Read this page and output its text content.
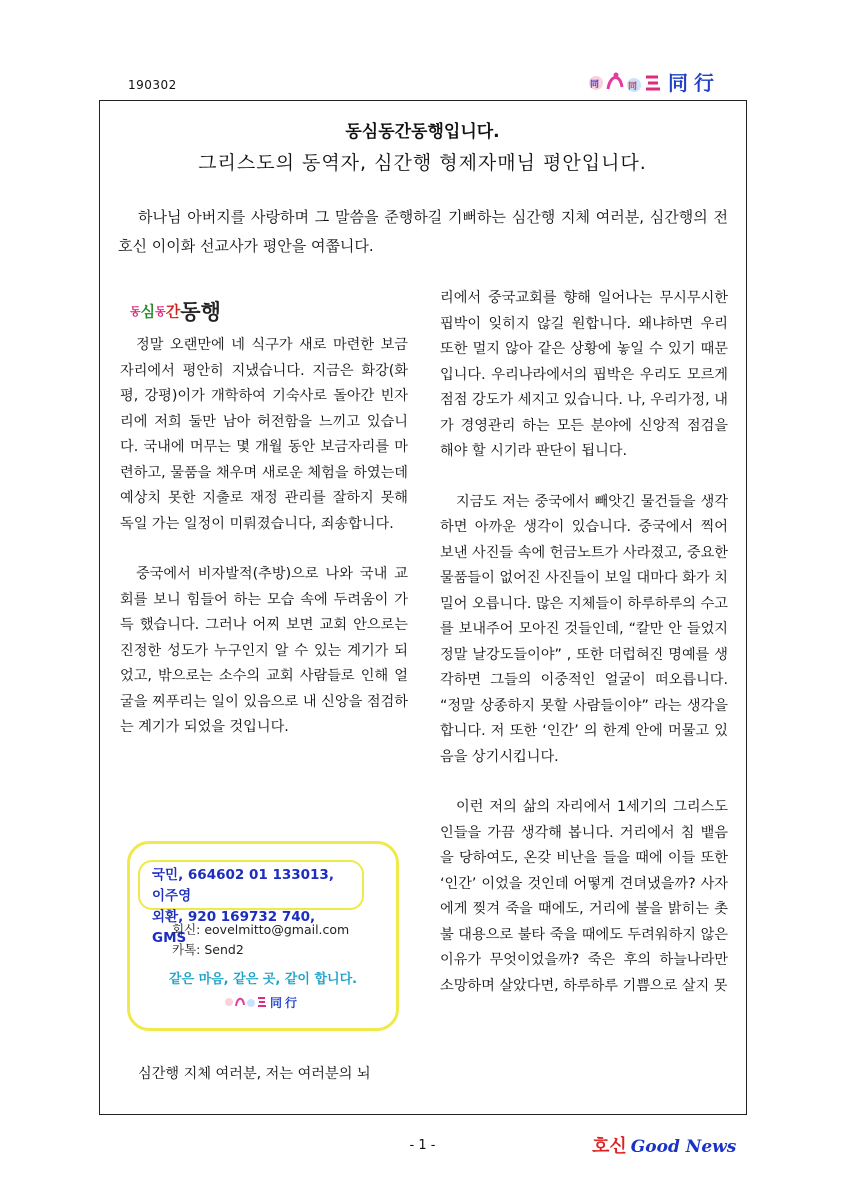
190302	同	同 同 行
동심동간동행입니다.
그리스도의 동역자, 심간행 형제자매님 평안입니다.

하나님 아버지를 사랑하며 그 말씀을 준행하길 기뻐하는 심간행 지체 여러분, 심간행의 전호신 이이화 선교사가 평안을 여쭙니다.

동심동간동행

정말 오랜만에 네 식구가 새로 마련한 보금자리에서 평안히 지냈습니다. 지금은 화강(화평, 강평)이가 개학하여 기숙사로 돌아간 빈자리에 저희 둘만 남아 허전함을 느끼고 있습니다. 국내에 머무는 몇 개월 동안 보금자리를 마련하고, 물품을 채우며 새로운 체험을 하였는데 예상치 못한 지출로 재정 관리를 잘하지 못해 독일 가는 일정이 미뤄졌습니다, 죄송합니다.

중국에서 비자발적(추방)으로 나와 국내 교회를 보니 힘들어 하는 모습 속에 두려움이 가득 했습니다. 그러나 어찌 보면 교회 안으로는 진정한 성도가 누구인지 알 수 있는 계기가 되었고, 밖으로는 소수의 교회 사람들로 인해 얼굴을 찌푸리는 일이 있음으로 내 신앙을 점검하는 계기가 되었을 것입니다.

국민, 664602 01 133013, 이주영
외환, 920 169732 740, GMS
회신: eovelmitto@gmail.com
카톡: Send2
같은 마음, 같은 곳, 같이 합니다.
同 行

심간행 지체 여러분, 저는 여러분의 뇌

리에서 중국교회를 향해 일어나는 무시무시한 핍박이 잊히지 않길 원합니다. 왜냐하면 우리 또한 멀지 않아 같은 상황에 놓일 수 있기 때문입니다. 우리나라에서의 핍박은 우리도 모르게 점점 강도가 세지고 있습니다. 나, 우리가정, 내가 경영관리 하는 모든 분야에 신앙적 점검을 해야 할 시기라 판단이 됩니다.

지금도 저는 중국에서 빼앗긴 물건들을 생각하면 아까운 생각이 있습니다. 중국에서 찍어 보낸 사진들 속에 헌금노트가 사라졌고, 중요한 물품들이 없어진 사진들이 보일 대마다 화가 치밀어 오릅니다. 많은 지체들이 하루하루의 수고를 보내주어 모아진 것들인데, “칼만 안 들었지 정말 날강도들이야” , 또한 더럽혀진 명예를 생각하면 그들의 이중적인 얼굴이 떠오릅니다. “정말 상종하지 못할 사람들이야” 라는 생각을 합니다. 저 또한 ‘인간’ 의 한계 안에 머물고 있음을 상기시킵니다.

이런 저의 삶의 자리에서 1세기의 그리스도인들을 가끔 생각해 봅니다. 거리에서 침 뱉음을 당하여도, 온갖 비난을 들을 때에 이들 또한 ‘인간’ 이었을 것인데 어떻게 견뎌냈을까? 사자에게 찢겨 죽을 때에도, 거리에 불을 밝히는 촛불 대용으로 불타 죽을 때에도 두려워하지 않은 이유가 무엇이었을까? 죽은 후의 하늘나라만 소망하며 살았다면, 하루하루 기쁨으로 살지 못

- 1 -	호신 Good News
